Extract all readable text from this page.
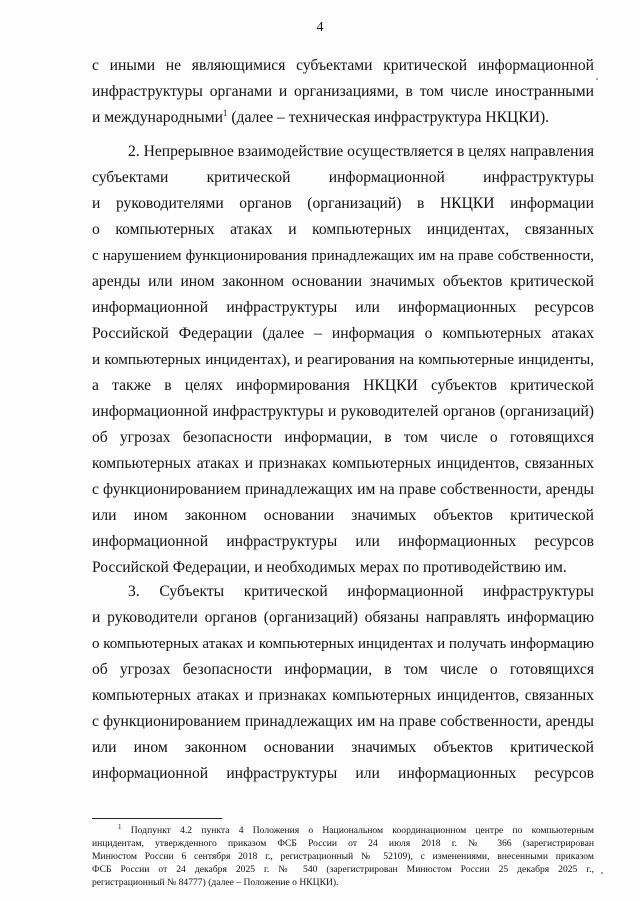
4
с иными не являющимися субъектами критической информационной
инфраструктуры органами и организациями, в том числе иностранными
и международными$^1$ (далее – техническая инфраструктура НКЦКИ).
2. Непрерывное взаимодействие осуществляется в целях направления
субъектами критической информационной инфраструктуры
и руководителями органов (организаций) в НКЦКИ информации
о компьютерных атаках и компьютерных инцидентах, связанных
с нарушением функционирования принадлежащих им на праве собственности,
аренды или ином законном основании значимых объектов критической
информационной инфраструктуры или информационных ресурсов
Российской Федерации (далее – информация о компьютерных атаках
и компьютерных инцидентах), и реагирования на компьютерные инциденты,
а также в целях информирования НКЦКИ субъектов критической
информационной инфраструктуры и руководителей органов (организаций)
об угрозах безопасности информации, в том числе о готовящихся
компьютерных атаках и признаках компьютерных инцидентов, связанных
с функционированием принадлежащих им на праве собственности, аренды
или ином законном основании значимых объектов критической
информационной инфраструктуры или информационных ресурсов
Российской Федерации, и необходимых мерах по противодействию им.
3. Субъекты критической информационной инфраструктуры
и руководители органов (организаций) обязаны направлять информацию
о компьютерных атаках и компьютерных инцидентах и получать информацию
об угрозах безопасности информации, в том числе о готовящихся
компьютерных атаках и признаках компьютерных инцидентов, связанных
с функционированием принадлежащих им на праве собственности, аренды
или ином законном основании значимых объектов критической
информационной инфраструктуры или информационных ресурсов
$^1$ Подпункт 4.2 пункта 4 Положения о Национальном координационном центре по компьютерным
инцидентам, утвержденного приказом ФСБ России от 24 июля 2018 г. № 366 (зарегистрирован
Минюстом России 6 сентября 2018 г., регистрационный № 52109), с изменениями, внесенными приказом
ФСБ России от 24 декабря 2025 г. № 540 (зарегистрирован Минюстом России 25 декабря 2025 г.,
регистрационный № 84777) (далее – Положение о НКЦКИ).
